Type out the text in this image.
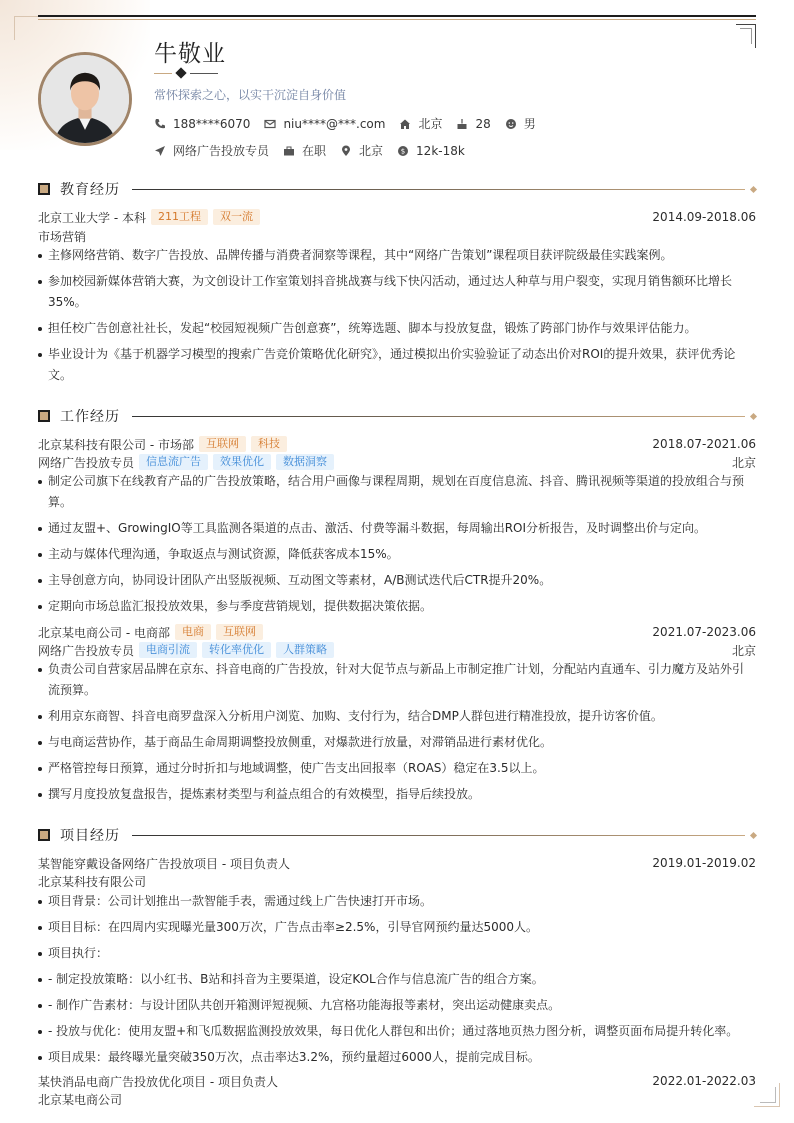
牛敬业
常怀探索之心，以实干沉淀自身价值
188****6070	niu****@***.com	北京	28	男
网络广告投放专员	在职	北京	$ 12k-18k
教育经历
北京工业大学 - 本科	211工程	双一流	2014.09-2018.06
市场营销
主修网络营销、数字广告投放、品牌传播与消费者洞察等课程，其中“网络广告策划”课程项目获评院级最佳实践案例。
参加校园新媒体营销大赛，为文创设计工作室策划抖音挑战赛与线下快闪活动，通过达人种草与用户裂变，实现月销售额环比增长35%。
担任校广告创意社社长，发起“校园短视频广告创意赛”，统筹选题、脚本与投放复盘，锻炼了跨部门协作与效果评估能力。
毕业设计为《基于机器学习模型的搜索广告竞价策略优化研究》，通过模拟出价实验验证了动态出价对ROI的提升效果，获评优秀论文。
工作经历
北京某科技有限公司 - 市场部	互联网	科技	2018.07-2021.06
网络广告投放专员	信息流广告	效果优化	数据洞察	北京
制定公司旗下在线教育产品的广告投放策略，结合用户画像与课程周期，规划在百度信息流、抖音、腾讯视频等渠道的投放组合与预算。
通过友盟+、GrowingIO等工具监测各渠道的点击、激活、付费等漏斗数据，每周输出ROI分析报告，及时调整出价与定向。
主动与媒体代理沟通，争取返点与测试资源，降低获客成本15%。
主导创意方向，协同设计团队产出竖版视频、互动图文等素材，A/B测试迭代后CTR提升20%。
定期向市场总监汇报投放效果，参与季度营销规划，提供数据决策依据。
北京某电商公司 - 电商部	电商	互联网	2021.07-2023.06
网络广告投放专员	电商引流	转化率优化	人群策略	北京
负责公司自营家居品牌在京东、抖音电商的广告投放，针对大促节点与新品上市制定推广计划，分配站内直通车、引力魔方及站外引流预算。
利用京东商智、抖音电商罗盘深入分析用户浏览、加购、支付行为，结合DMP人群包进行精准投放，提升访客价值。
与电商运营协作，基于商品生命周期调整投放侧重，对爆款进行放量，对滞销品进行素材优化。
严格管控每日预算，通过分时折扣与地域调整，使广告支出回报率（ROAS）稳定在3.5以上。
撰写月度投放复盘报告，提炼素材类型与利益点组合的有效模型，指导后续投放。
项目经历
某智能穿戴设备网络广告投放项目 - 项目负责人	2019.01-2019.02
北京某科技有限公司
项目背景：公司计划推出一款智能手表，需通过线上广告快速打开市场。
项目目标：在四周内实现曝光量300万次，广告点击率≥2.5%，引导官网预约量达5000人。
项目执行：
- 制定投放策略：以小红书、B站和抖音为主要渠道，设定KOL合作与信息流广告的组合方案。
- 制作广告素材：与设计团队共创开箱测评短视频、九宫格功能海报等素材，突出运动健康卖点。
- 投放与优化：使用友盟+和飞瓜数据监测投放效果，每日优化人群包和出价；通过落地页热力图分析，调整页面布局提升转化率。
项目成果：最终曝光量突破350万次，点击率达3.2%，预约量超过6000人，提前完成目标。
某快消品电商广告投放优化项目 - 项目负责人	2022.01-2022.03
北京某电商公司
